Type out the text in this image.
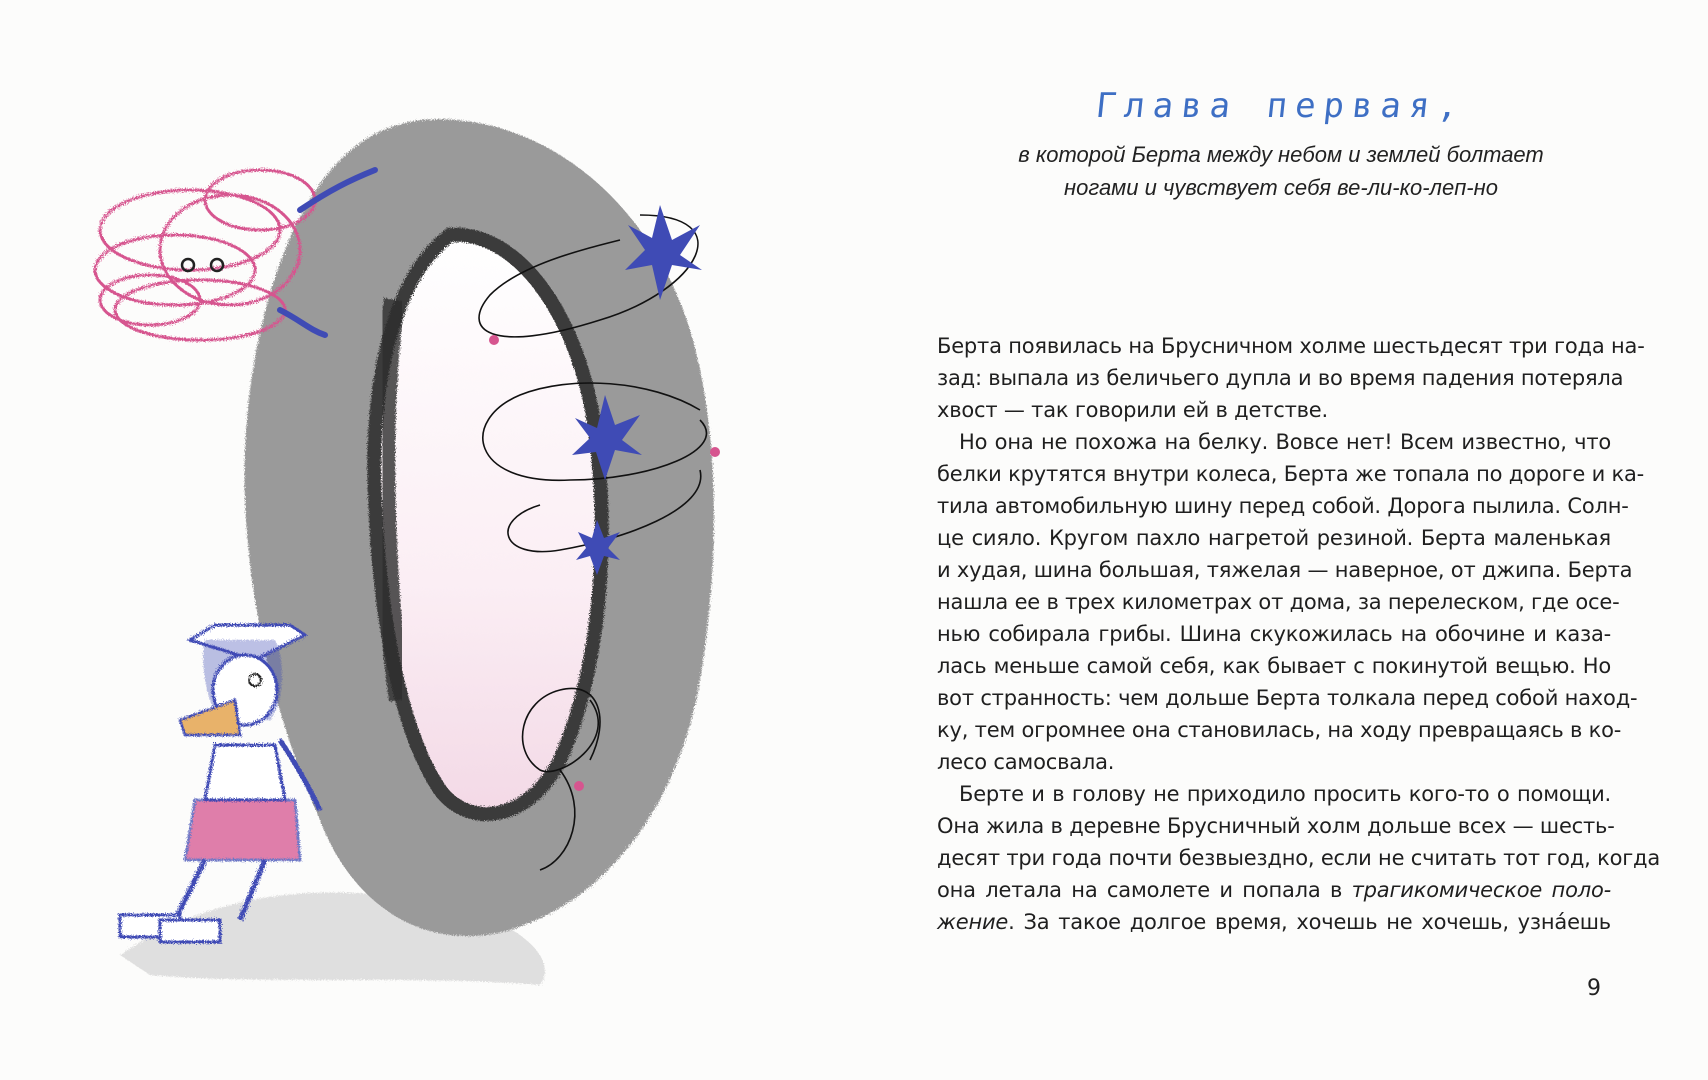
Глава первая,
в которой Берта между небом и землей болтает
ногами и чувствует себя ве-ли-ко-леп-но
Берта появилась на Брусничном холме шестьдесят три года на-
зад: выпала из беличьего дупла и во время падения потеряла
хвост — так говорили ей в детстве.
Но она не похожа на белку. Вовсе нет! Всем известно, что
белки крутятся внутри колеса, Берта же топала по дороге и ка-
тила автомобильную шину перед собой. Дорога пылила. Солн-
це сияло. Кругом пахло нагретой резиной. Берта маленькая
и худая, шина большая, тяжелая — наверное, от джипа. Берта
нашла ее в трех километрах от дома, за перелеском, где осе-
нью собирала грибы. Шина скукожилась на обочине и каза-
лась меньше самой себя, как бывает с покинутой вещью. Но
вот странность: чем дольше Берта толкала перед собой наход-
ку, тем огромнее она становилась, на ходу превращаясь в ко-
лесо самосвала.
Берте и в голову не приходило просить кого-то о помощи.
Она жила в деревне Брусничный холм дольше всех — шесть-
десят три года почти безвыездно, если не считать тот год, когда
она летала на самолете и попала в трагикомическое поло-
жение. За такое долгое время, хочешь не хочешь, узна́ешь
9
